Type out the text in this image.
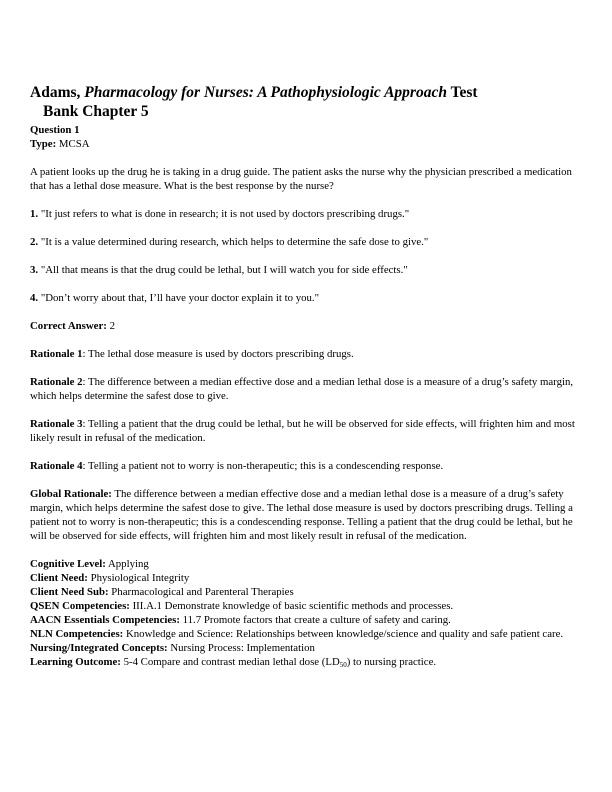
Adams, Pharmacology for Nurses: A Pathophysiologic Approach Test
Bank Chapter 5
Question 1
Type: MCSA

A patient looks up the drug he is taking in a drug guide. The patient asks the nurse why the physician prescribed a medication that has a lethal dose measure. What is the best response by the nurse?

1. "It just refers to what is done in research; it is not used by doctors prescribing drugs."

2. "It is a value determined during research, which helps to determine the safe dose to give."

3. "All that means is that the drug could be lethal, but I will watch you for side effects."

4. "Don’t worry about that, I’ll have your doctor explain it to you."

Correct Answer: 2

Rationale 1: The lethal dose measure is used by doctors prescribing drugs.

Rationale 2: The difference between a median effective dose and a median lethal dose is a measure of a drug’s safety margin, which helps determine the safest dose to give.

Rationale 3: Telling a patient that the drug could be lethal, but he will be observed for side effects, will frighten him and most likely result in refusal of the medication.

Rationale 4: Telling a patient not to worry is non-therapeutic; this is a condescending response.

Global Rationale: The difference between a median effective dose and a median lethal dose is a measure of a drug’s safety margin, which helps determine the safest dose to give. The lethal dose measure is used by doctors prescribing drugs. Telling a patient not to worry is non-therapeutic; this is a condescending response. Telling a patient that the drug could be lethal, but he will be observed for side effects, will frighten him and most likely result in refusal of the medication.

Cognitive Level: Applying

Client Need: Physiological Integrity

Client Need Sub: Pharmacological and Parenteral Therapies

QSEN Competencies: III.A.1 Demonstrate knowledge of basic scientific methods and processes.

AACN Essentials Competencies: 11.7 Promote factors that create a culture of safety and caring.

NLN Competencies: Knowledge and Science: Relationships between knowledge/science and quality and safe patient care.

Nursing/Integrated Concepts: Nursing Process: Implementation

Learning Outcome: 5-4 Compare and contrast median lethal dose $(LD_{50})$ to nursing practice.
